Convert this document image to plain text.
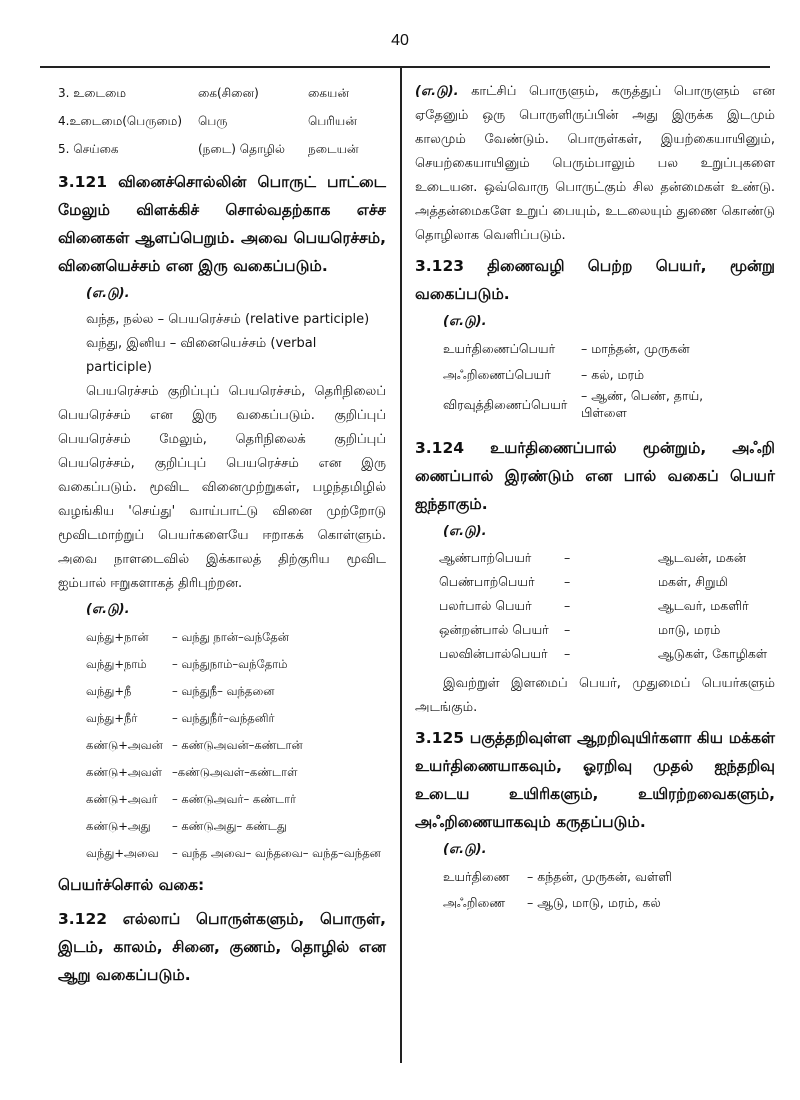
40
3. உடைமை	கை(சினை)	கையன்
4.உடைமை(பெருமை)	பெரு	பெரியன்
5. செய்கை	(நடை) தொழில்	நடையன்
3.121 வினைச்சொல்லின் பொருட் பாட்டை மேலும் விளக்கிச் சொல்வதற்காக எச்ச வினைகள் ஆளப்பெறும். அவை பெயரெச்சம், வினையெச்சம் என இரு வகைப்படும்.
(எ.டு).
வந்த, நல்ல – பெயரெச்சம் (relative participle)
வந்து, இனிய – வினையெச்சம் (verbal participle)
பெயரெச்சம் குறிப்புப் பெயரெச்சம், தெரிநிலைப் பெயரெச்சம் என இரு வகைப்படும். குறிப்புப் பெயரெச்சம் மேலும், தெரிநிலைக் குறிப்புப் பெயரெச்சம், குறிப்புப் பெயரெச்சம் என இரு வகைப்படும். மூவிட வினைமுற்றுகள், பழந்தமிழில் வழங்கிய 'செய்து' வாய்பாட்டு வினை முற்றோடு மூவிடமாற்றுப் பெயர்களையே ஈறாகக் கொள்ளும். அவை நாளடைவில் இக்காலத் திற்குரிய மூவிட ஐம்பால் ஈறுகளாகத் திரிபுற்றன.
(எ.டு).
வந்து+நான்	– வந்து நான்–வந்தேன்
வந்து+நாம்	– வந்துநாம்–வந்தோம்
வந்து+நீ	– வந்துநீ– வந்தனை
வந்து+நீர்	– வந்துநீர்–வந்தனிர்
கண்டு+அவன் – கண்டுஅவன்–கண்டான்
கண்டு+அவள் –கண்டுஅவள்–கண்டாள்
கண்டு+அவர்	– கண்டுஅவர்– கண்டார்
கண்டு+அது	– கண்டுஅது– கண்டது
வந்து+அவை	– வந்த அவை– வந்தவை– வந்த–வந்தன
பெயர்ச்சொல் வகை:
3.122 எல்லாப் பொருள்களும், பொருள், இடம், காலம், சினை, குணம், தொழில் என ஆறு வகைப்படும்.
(எ.டு). காட்சிப் பொருளும், கருத்துப் பொருளும் என ஏதேனும் ஒரு பொருளிருப்பின் அது இருக்க இடமும் காலமும் வேண்டும். பொருள்கள், இயற்கையாயினும், செயற்கையாயினும் பெரும்பாலும் பல உறுப்புகளை உடையன. ஒவ்வொரு பொருட்கும் சில தன்மைகள் உண்டு. அத்தன்மைகளே உறுப் பையும், உடலையும் துணை கொண்டு தொழிலாக வெளிப்படும்.
3.123 திணைவழி பெற்ற பெயர், மூன்று வகைப்படும்.
(எ.டு).
உயர்திணைப்பெயர்	– மாந்தன், முருகன்
அஃறிணைப்பெயர்	– கல், மரம்
விரவுத்திணைப்பெயர்
– ஆண், பெண், தாய், பிள்ளை
3.124 உயர்திணைப்பால் மூன்றும், அஃறி ணைப்பால் இரண்டும் என பால் வகைப் பெயர் ஐந்தாகும்.
(எ.டு).
ஆண்பாற்பெயர்	–	ஆடவன், மகன்
பெண்பாற்பெயர்	–	மகள், சிறுமி
பலர்பால் பெயர்	–	ஆடவர், மகளிர்
ஒன்றன்பால் பெயர்	–	மாடு, மரம்
பலவின்பால்பெயர்	–	ஆடுகள், கோழிகள்
இவற்றுள் இளமைப் பெயர், முதுமைப் பெயர்களும் அடங்கும்.
3.125 பகுத்தறிவுள்ள ஆறறிவுயிர்களா கிய மக்கள் உயர்திணையாகவும், ஓரறிவு முதல் ஐந்தறிவு உடைய உயிரிகளும், உயிரற்றவைகளும், அஃறிணையாகவும் கருதப்படும்.
(எ.டு).
உயர்திணை	– கந்தன், முருகன், வள்ளி
அஃறிணை	– ஆடு, மாடு, மரம், கல்
